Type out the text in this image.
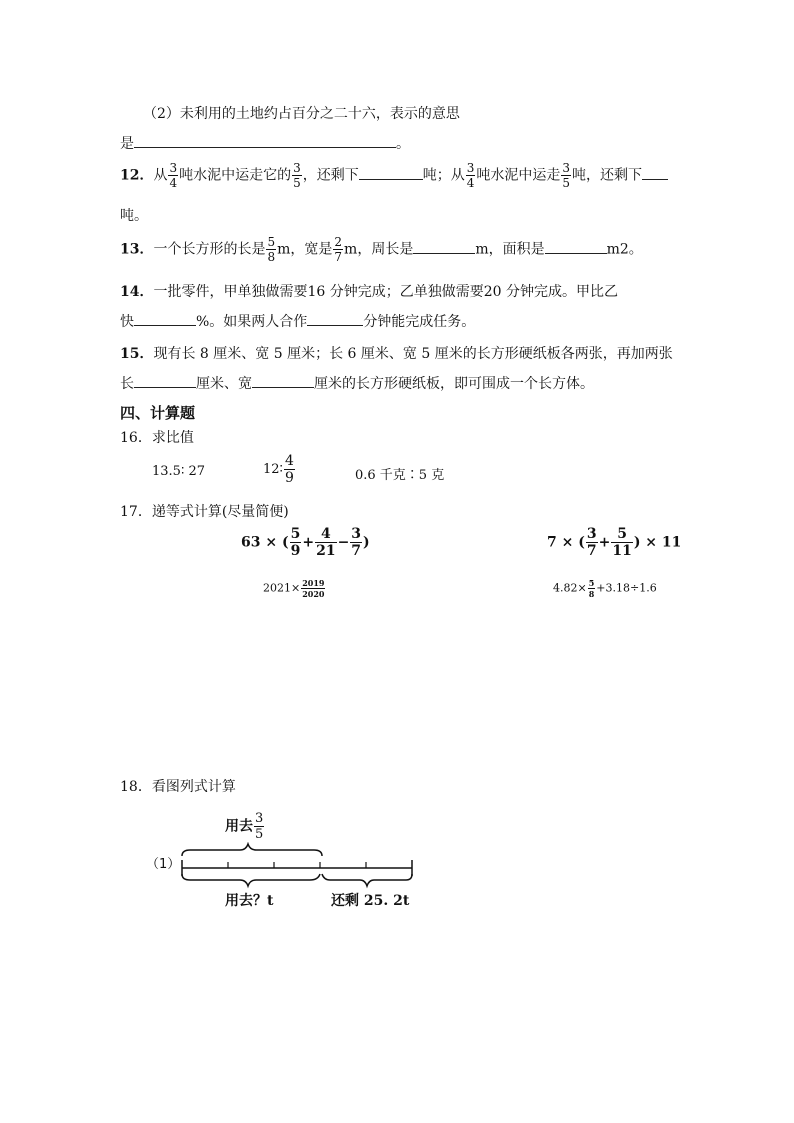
（2）未利用的土地约占百分之二十六，表示的意思
是	。
12．从 $\frac{3}{4}$ 吨水泥中运走它的 $\frac{3}{5}$ ，还剩下	吨；从 $\frac{3}{4}$ 吨水泥中运走 $\frac{3}{5}$ 吨，还剩下
吨。
13．一个长方形的长是 $\frac{5}{8}$ m，宽是 $\frac{2}{7}$ m，周长是	m，面积是	m2。
14．一批零件，甲单独做需要16 分钟完成；乙单独做需要20 分钟完成。甲比乙
快	%。如果两人合作	分钟能完成任务。
15．现有长 8 厘米、宽 5 厘米；长 6 厘米、宽 5 厘米的长方形硬纸板各两张，再加两张
长	厘米、宽	厘米的长方形硬纸板，即可围成一个长方体。
四、计算题
16．求比值
13.5∶ 27	12∶ $\frac{4}{9}$	0.6 千克∶5 克
17．递等式计算(尽量简便)
63 × ( $\frac{5}{9} + \frac{4}{21} - \frac{3}{7}$ )	7 × ( $\frac{3}{7} + \frac{5}{11}$ ) × 11
$2021\times \frac{2019}{2020}$	$4.82\times \frac{5}{8} +3.18\div 1.6$
18．看图列式计算
（1）
用去 $\frac{3}{5}$
用去？t	还剩 25. 2t
